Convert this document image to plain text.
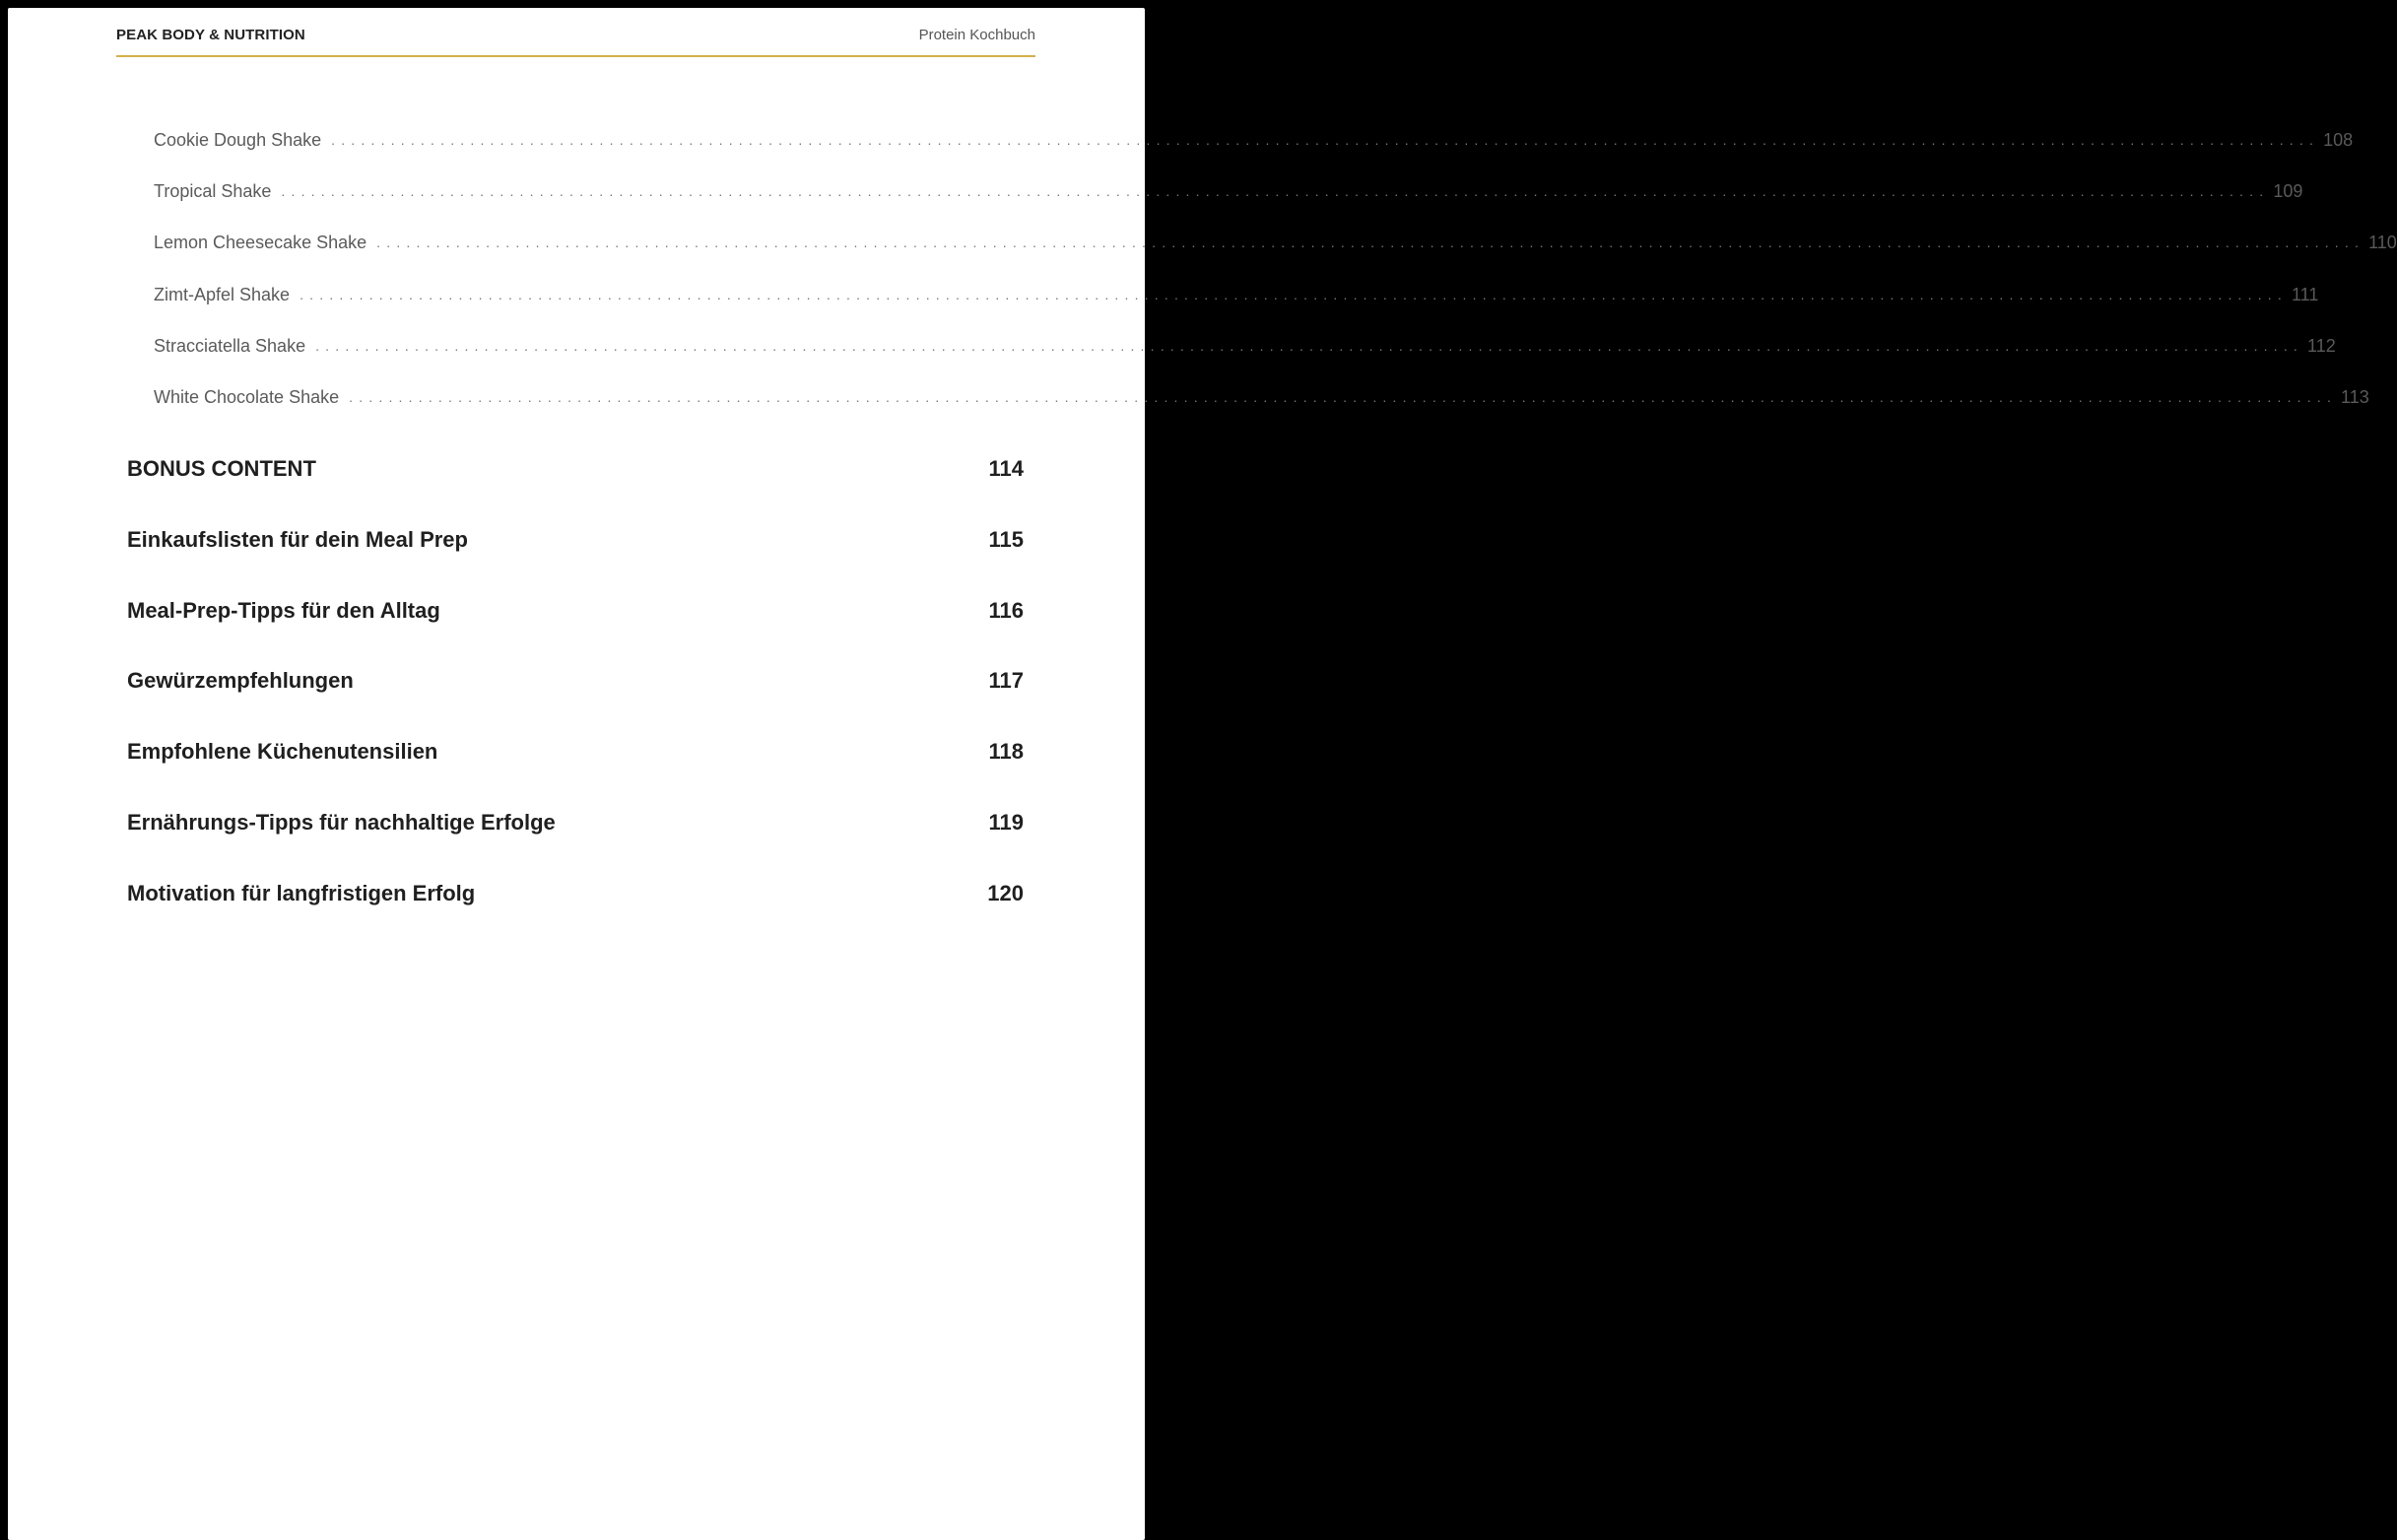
PEAK BODY & NUTRITION	Protein Kochbuch
Cookie Dough Shake ........................................................................................................................................................................................................ 108
Tropical Shake ........................................................................................................................................................................................................ 109
Lemon Cheesecake Shake ........................................................................................................................................................................................................ 110
Zimt-Apfel Shake ........................................................................................................................................................................................................ 111
Stracciatella Shake ........................................................................................................................................................................................................ 112
White Chocolate Shake ........................................................................................................................................................................................................ 113
BONUS CONTENT	114
Einkaufslisten für dein Meal Prep	115
Meal-Prep-Tipps für den Alltag	116
Gewürzempfehlungen	117
Empfohlene Küchenutensilien	118
Ernährungs-Tipps für nachhaltige Erfolge	119
Motivation für langfristigen Erfolg	120
